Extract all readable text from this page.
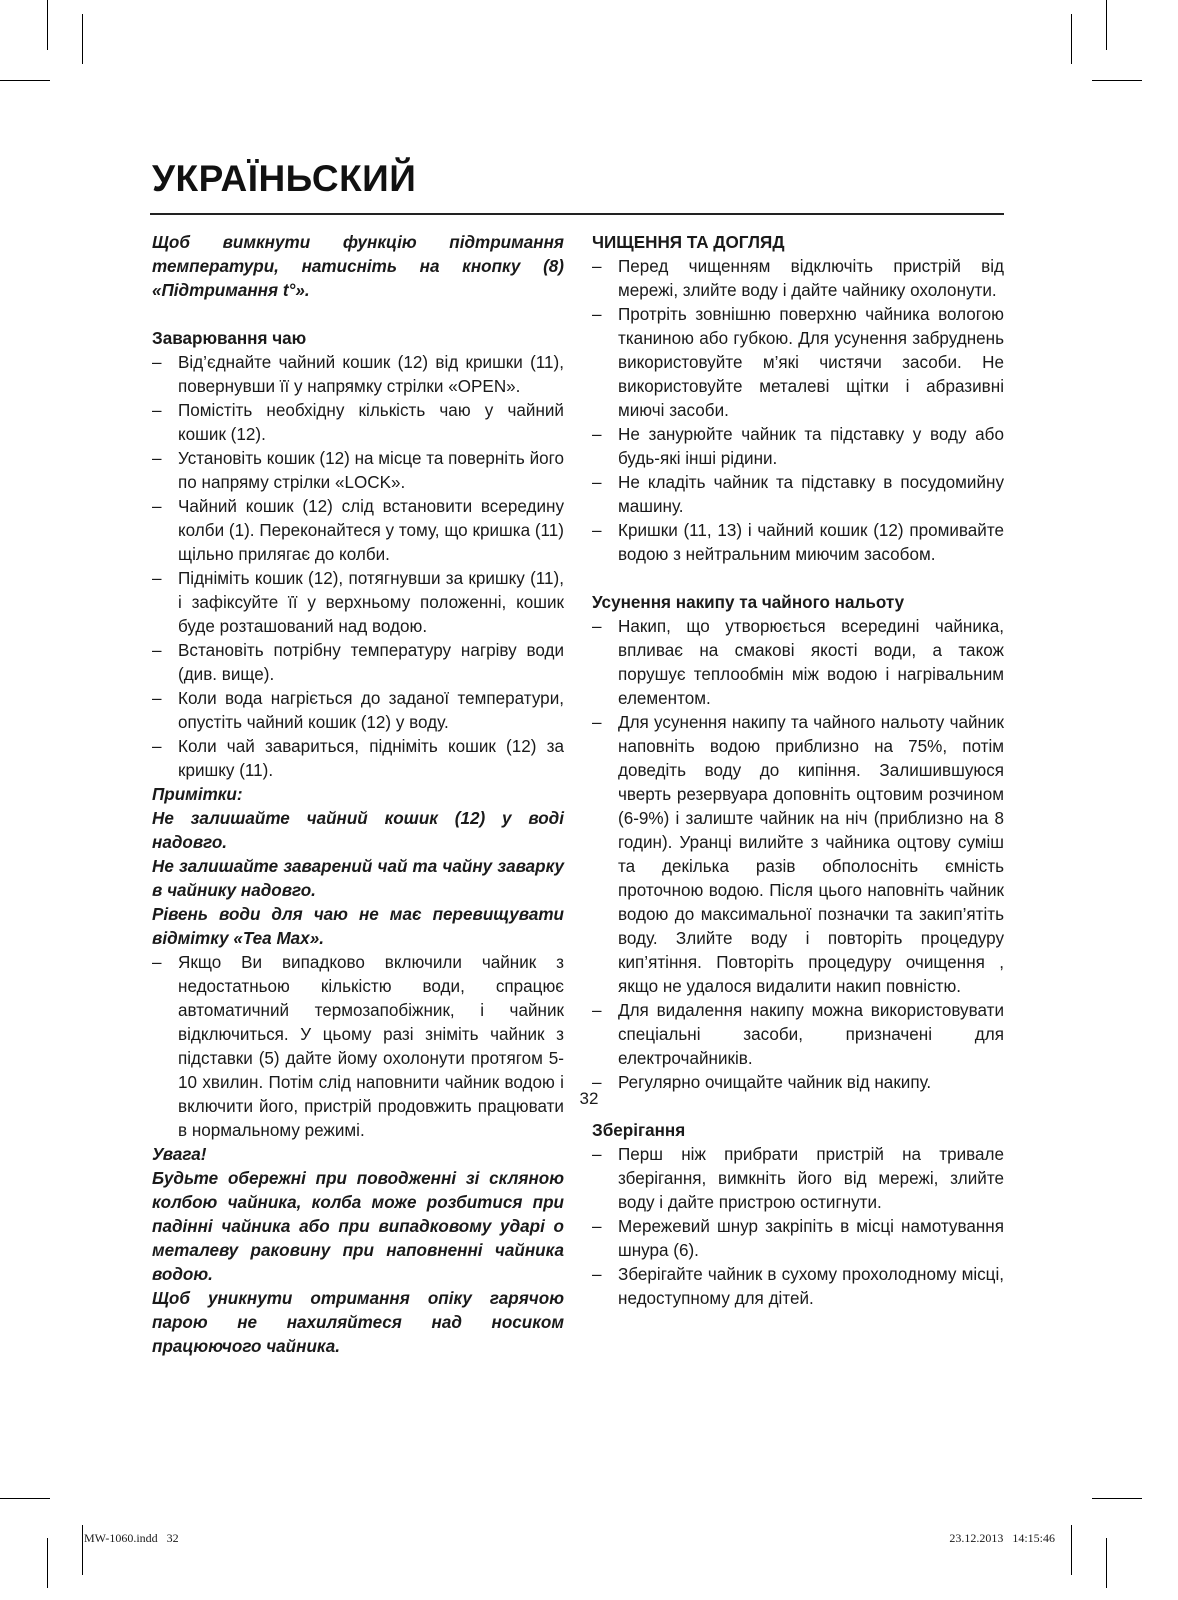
УКРАЇНЬСКИЙ

Щоб вимкнути функцію підтримання температури, натисніть на кнопку (8) «Підтримання t°».

Заварювання чаю

– Від’єднайте чайний кошик (12) від кришки (11), повернувши її у напрямку стрілки «OPEN».
– Помістіть необхідну кількість чаю у чайний кошик (12).
– Установіть кошик (12) на місце та поверніть його по напряму стрілки «LOCK».
– Чайний кошик (12) слід встановити всередину колби (1). Переконайтеся у тому, що кришка (11) щільно прилягає до колби.
– Підніміть кошик (12), потягнувши за кришку (11), і зафіксуйте її у верхньому положенні, кошик буде розташований над водою.
– Встановіть потрібну температуру нагріву води (див. вище).
– Коли вода нагріється до заданої температури, опустіть чайний кошик (12) у воду.
– Коли чай завариться, підніміть кошик (12) за кришку (11).

Примітки:

Не залишайте чайний кошик (12) у воді надовго.

Не залишайте заварений чай та чайну заварку в чайнику надовго.

Рівень води для чаю не має перевищувати відмітку «Tea Max».

– Якщо Ви випадково включили чайник з недостатньою кількістю води, спрацює автоматичний термозапобіжник, і чайник відключиться. У цьому разі зніміть чайник з підставки (5) дайте йому охолонути протягом 5-10 хвилин. Потім слід наповнити чайник водою і включити його, пристрій продовжить працювати в нормальному режимі.

Увага!

Будьте обережні при поводженні зі скляною колбою чайника, колба може розбитися при падінні чайника або при випадковому ударі о металеву раковину при наповненні чайника водою.

Щоб уникнути отримання опіку гарячою парою не нахиляйтеся над носиком працюючого чайника.

ЧИЩЕННЯ ТА ДОГЛЯД

– Перед чищенням відключіть пристрій від мережі, злийте воду і дайте чайнику охолонути.
– Протріть зовнішню поверхню чайника вологою тканиною або губкою. Для усунення забруднень використовуйте м’які чистячи засоби. Не використовуйте металеві щітки і абразивні миючі засоби.
– Не занурюйте чайник та підставку у воду або будь-які інші рідини.
– Не кладіть чайник та підставку в посудомийну машину.
– Кришки (11, 13) і чайний кошик (12) промивайте водою з нейтральним миючим засобом.

Усунення накипу та чайного нальоту

– Накип, що утворюється всередині чайника, впливає на смакові якості води, а також порушує теплообмін між водою і нагрівальним елементом.
– Для усунення накипу та чайного нальоту чайник наповніть водою приблизно на 75%, потім доведіть воду до кипіння. Залишившуюся чверть резервуара доповніть оцтовим розчином (6-9%) і залиште чайник на ніч (приблизно на 8 годин). Уранці вилийте з чайника оцтову суміш та декілька разів обполосніть ємність проточною водою. Після цього наповніть чайник водою до максимальної позначки та закип’ятіть воду. Злийте воду і повторіть процедуру кип’ятіння. Повторіть процедуру очищення , якщо не удалося видалити накип повністю.
– Для видалення накипу можна використовувати спеціальні засоби, призначені для електрочайників.
– Регулярно очищайте чайник від накипу.

Зберігання

– Перш ніж прибрати пристрій на тривале зберігання, вимкніть його від мережі, злийте воду і дайте пристрою остигнути.
– Мережевий шнур закріпіть в місці намотування шнура (6).
– Зберігайте чайник в сухому прохолодному місці, недоступному для дітей.
32
MW-1060.indd   32	23.12.2013   14:15:46
